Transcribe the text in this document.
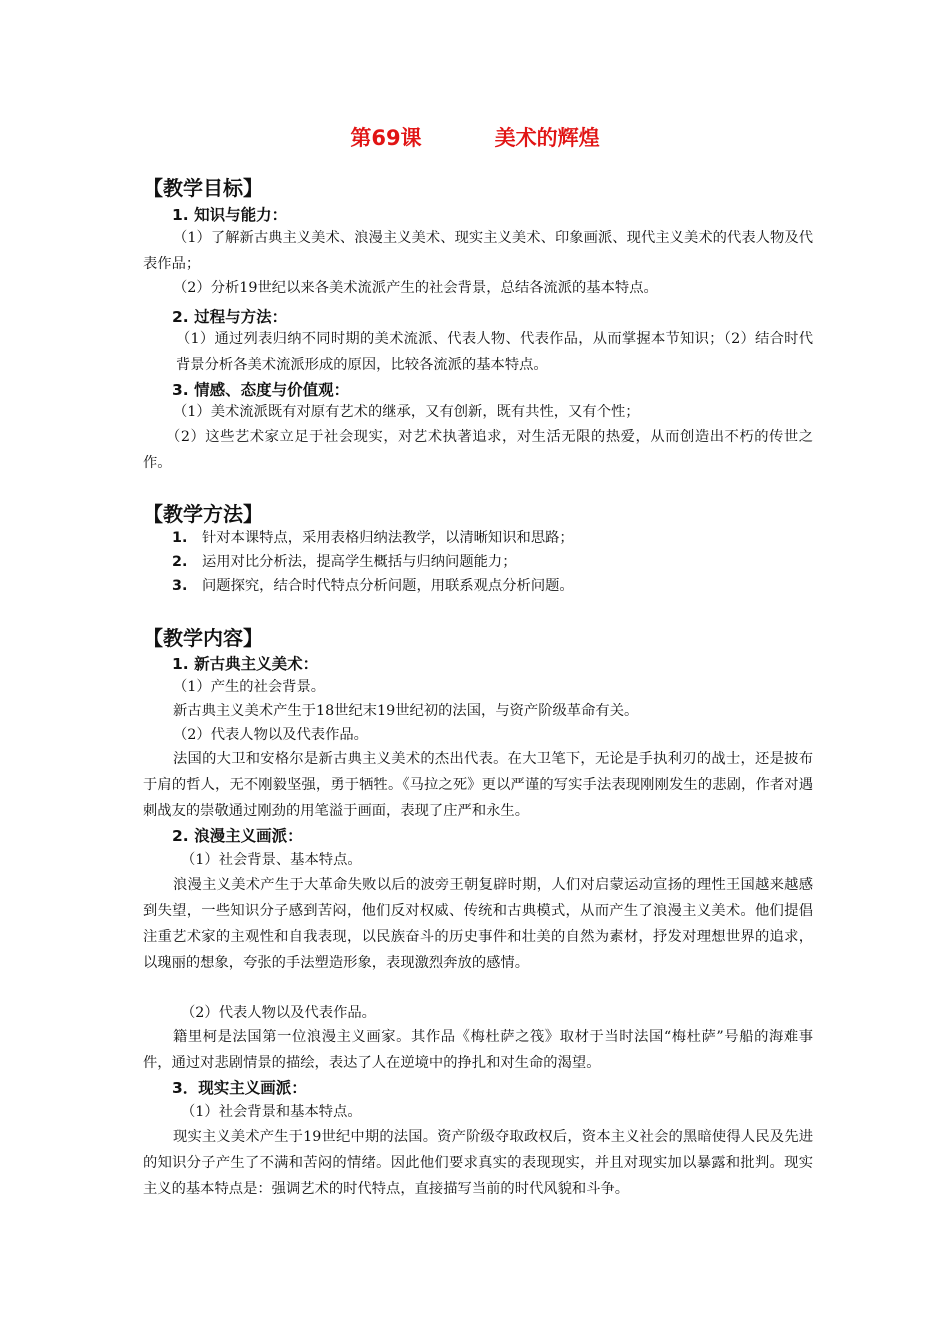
第69课          美术的辉煌
【教学目标】
1. 知识与能力：
（1）了解新古典主义美术、浪漫主义美术、现实主义美术、印象画派、现代主义美术的代表人物及代表作品；
（2）分析19世纪以来各美术流派产生的社会背景，总结各流派的基本特点。
2. 过程与方法：
（1）通过列表归纳不同时期的美术流派、代表人物、代表作品，从而掌握本节知识；（2）结合时代背景分析各美术流派形成的原因，比较各流派的基本特点。
3. 情感、态度与价值观：
（1）美术流派既有对原有艺术的继承，又有创新，既有共性，又有个性；
（2）这些艺术家立足于社会现实，对艺术执著追求，对生活无限的热爱，从而创造出不朽的传世之作。
【教学方法】
1. 针对本课特点，采用表格归纳法教学，以清晰知识和思路；
2. 运用对比分析法，提高学生概括与归纳问题能力；
3. 问题探究，结合时代特点分析问题，用联系观点分析问题。
【教学内容】
1. 新古典主义美术：
（1）产生的社会背景。
新古典主义美术产生于18世纪末19世纪初的法国，与资产阶级革命有关。
（2）代表人物以及代表作品。
法国的大卫和安格尔是新古典主义美术的杰出代表。在大卫笔下，无论是手执利刃的战士，还是披布于肩的哲人，无不刚毅坚强，勇于牺牲。《马拉之死》更以严谨的写实手法表现刚刚发生的悲剧，作者对遇刺战友的崇敬通过刚劲的用笔溢于画面，表现了庄严和永生。
2. 浪漫主义画派：
（1）社会背景、基本特点。
浪漫主义美术产生于大革命失败以后的波旁王朝复辟时期，人们对启蒙运动宣扬的理性王国越来越感到失望，一些知识分子感到苦闷，他们反对权威、传统和古典模式，从而产生了浪漫主义美术。他们提倡注重艺术家的主观性和自我表现，以民族奋斗的历史事件和壮美的自然为素材，抒发对理想世界的追求，以瑰丽的想象，夸张的手法塑造形象，表现激烈奔放的感情。
（2）代表人物以及代表作品。
籍里柯是法国第一位浪漫主义画家。其作品《梅杜萨之筏》取材于当时法国“梅杜萨”号船的海难事件，通过对悲剧情景的描绘，表达了人在逆境中的挣扎和对生命的渴望。
3．现实主义画派：
（1）社会背景和基本特点。
现实主义美术产生于19世纪中期的法国。资产阶级夺取政权后，资本主义社会的黑暗使得人民及先进的知识分子产生了不满和苦闷的情绪。因此他们要求真实的表现现实，并且对现实加以暴露和批判。现实主义的基本特点是：强调艺术的时代特点，直接描写当前的时代风貌和斗争。
